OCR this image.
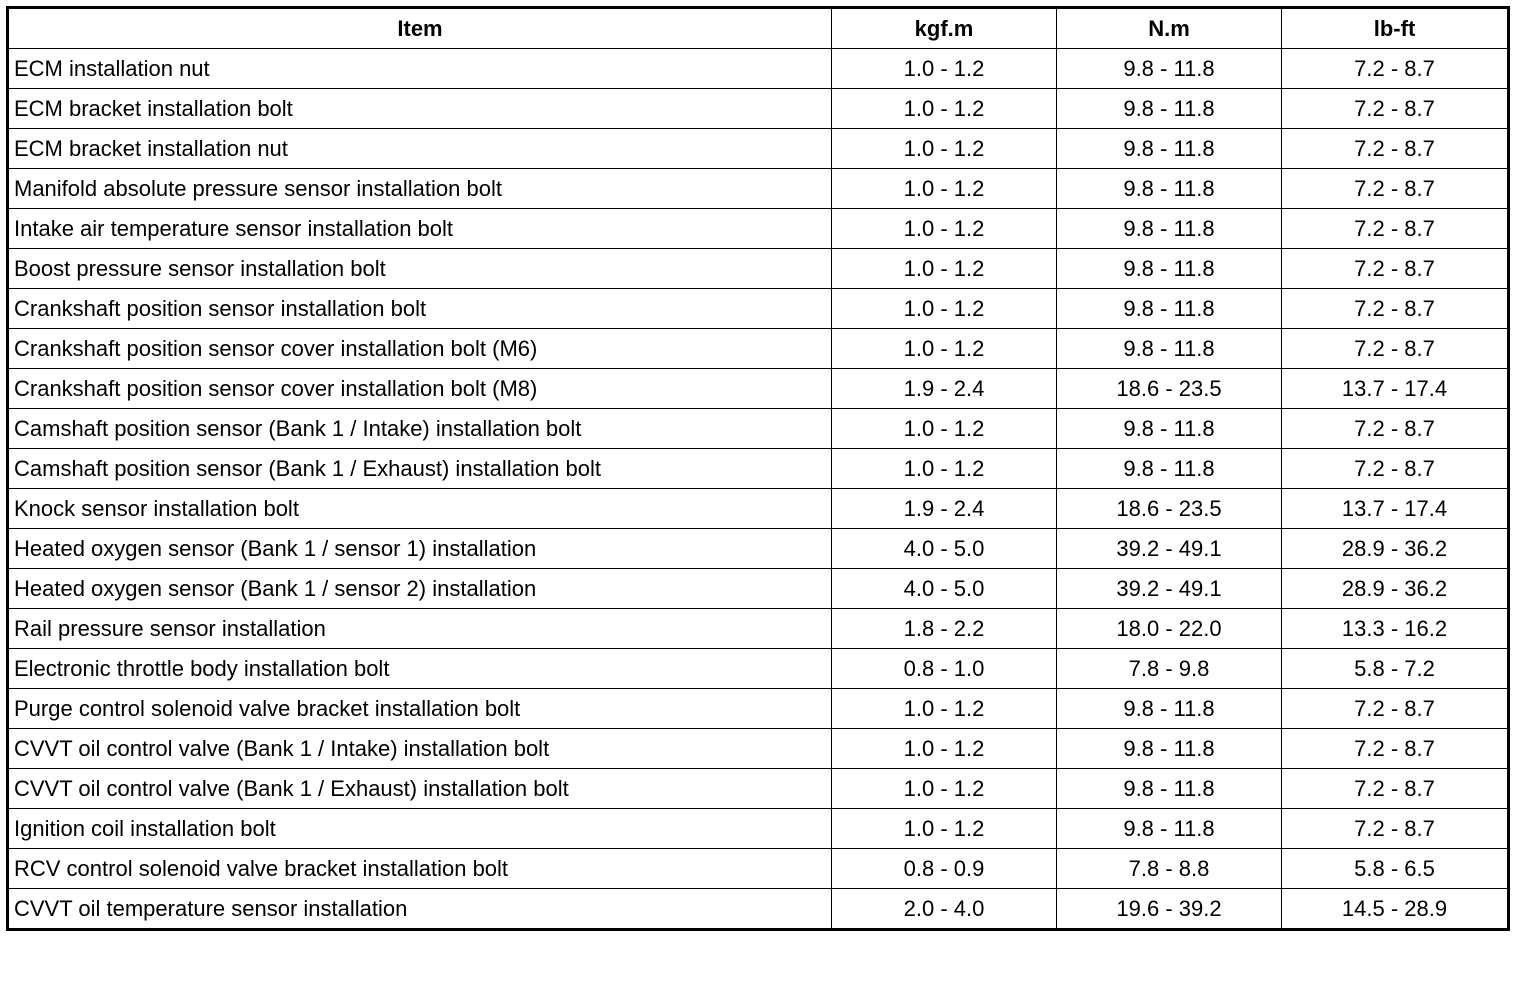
Item	kgf.m	N.m	lb-ft
ECM installation nut	1.0 - 1.2	9.8 - 11.8	7.2 - 8.7
ECM bracket installation bolt	1.0 - 1.2	9.8 - 11.8	7.2 - 8.7
ECM bracket installation nut	1.0 - 1.2	9.8 - 11.8	7.2 - 8.7
Manifold absolute pressure sensor installation bolt	1.0 - 1.2	9.8 - 11.8	7.2 - 8.7
Intake air temperature sensor installation bolt	1.0 - 1.2	9.8 - 11.8	7.2 - 8.7
Boost pressure sensor installation bolt	1.0 - 1.2	9.8 - 11.8	7.2 - 8.7
Crankshaft position sensor installation bolt	1.0 - 1.2	9.8 - 11.8	7.2 - 8.7
Crankshaft position sensor cover installation bolt (M6)	1.0 - 1.2	9.8 - 11.8	7.2 - 8.7
Crankshaft position sensor cover installation bolt (M8)	1.9 - 2.4	18.6 - 23.5	13.7 - 17.4
Camshaft position sensor (Bank 1 / Intake) installation bolt	1.0 - 1.2	9.8 - 11.8	7.2 - 8.7
Camshaft position sensor (Bank 1 / Exhaust) installation bolt	1.0 - 1.2	9.8 - 11.8	7.2 - 8.7
Knock sensor installation bolt	1.9 - 2.4	18.6 - 23.5	13.7 - 17.4
Heated oxygen sensor (Bank 1 / sensor 1) installation	4.0 - 5.0	39.2 - 49.1	28.9 - 36.2
Heated oxygen sensor (Bank 1 / sensor 2) installation	4.0 - 5.0	39.2 - 49.1	28.9 - 36.2
Rail pressure sensor installation	1.8 - 2.2	18.0 - 22.0	13.3 - 16.2
Electronic throttle body installation bolt	0.8 - 1.0	7.8 - 9.8	5.8 - 7.2
Purge control solenoid valve bracket installation bolt	1.0 - 1.2	9.8 - 11.8	7.2 - 8.7
CVVT oil control valve (Bank 1 / Intake) installation bolt	1.0 - 1.2	9.8 - 11.8	7.2 - 8.7
CVVT oil control valve (Bank 1 / Exhaust) installation bolt	1.0 - 1.2	9.8 - 11.8	7.2 - 8.7
Ignition coil installation bolt	1.0 - 1.2	9.8 - 11.8	7.2 - 8.7
RCV control solenoid valve bracket installation bolt	0.8 - 0.9	7.8 - 8.8	5.8 - 6.5
CVVT oil temperature sensor installation	2.0 - 4.0	19.6 - 39.2	14.5 - 28.9
